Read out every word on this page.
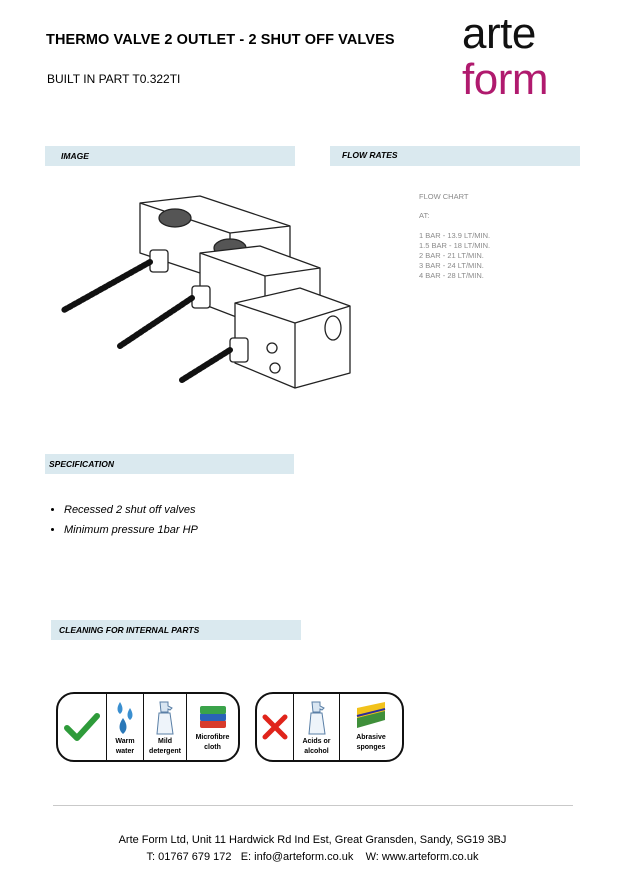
THERMO VALVE 2 OUTLET - 2 SHUT OFF VALVES
BUILT IN PART T0.322TI
arte
form
IMAGE	FLOW RATES
FLOW CHART
AT:
1 BAR - 13.9 LT/MIN.
1.5 BAR - 18 LT/MIN.
2 BAR - 21 LT/MIN.
3 BAR - 24 LT/MIN.
4 BAR - 28 LT/MIN.
SPECIFICATION
• Recessed 2 shut off valves
• Minimum pressure 1bar HP
CLEANING FOR INTERNAL PARTS
Warm
water
Mild
detergent
Microfibre
cloth
Acids or
alcohol
Abrasive
sponges
Arte Form Ltd, Unit 11 Hardwick Rd Ind Est, Great Gransden, Sandy, SG19 3BJ
T: 01767 679 172   E: info@arteform.co.uk    W: www.arteform.co.uk
